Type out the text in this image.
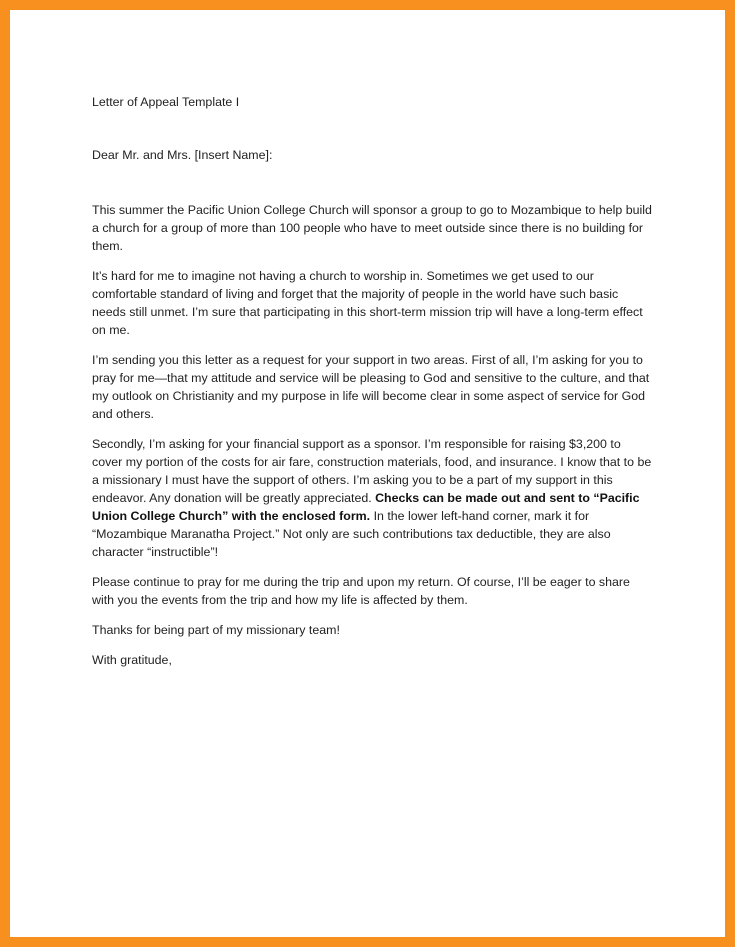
Letter of Appeal Template I

Dear Mr. and Mrs. [Insert Name]:

This summer the Pacific Union College Church will sponsor a group to go to Mozambique to help build a church for a group of more than 100 people who have to meet outside since there is no building for them.

It’s hard for me to imagine not having a church to worship in. Sometimes we get used to our comfortable standard of living and forget that the majority of people in the world have such basic needs still unmet. I’m sure that participating in this short-term mission trip will have a long-term effect on me.

I’m sending you this letter as a request for your support in two areas. First of all, I’m asking for you to pray for me—that my attitude and service will be pleasing to God and sensitive to the culture, and that my outlook on Christianity and my purpose in life will become clear in some aspect of service for God and others.

Secondly, I’m asking for your financial support as a sponsor. I’m responsible for raising $3,200 to cover my portion of the costs for air fare, construction materials, food, and insurance. I know that to be a missionary I must have the support of others. I’m asking you to be a part of my support in this endeavor. Any donation will be greatly appreciated. Checks can be made out and sent to “Pacific Union College Church” with the enclosed form. In the lower left-hand corner, mark it for “Mozambique Maranatha Project.” Not only are such contributions tax deductible, they are also character “instructible”!

Please continue to pray for me during the trip and upon my return. Of course, I’ll be eager to share with you the events from the trip and how my life is affected by them.

Thanks for being part of my missionary team!

With gratitude,
